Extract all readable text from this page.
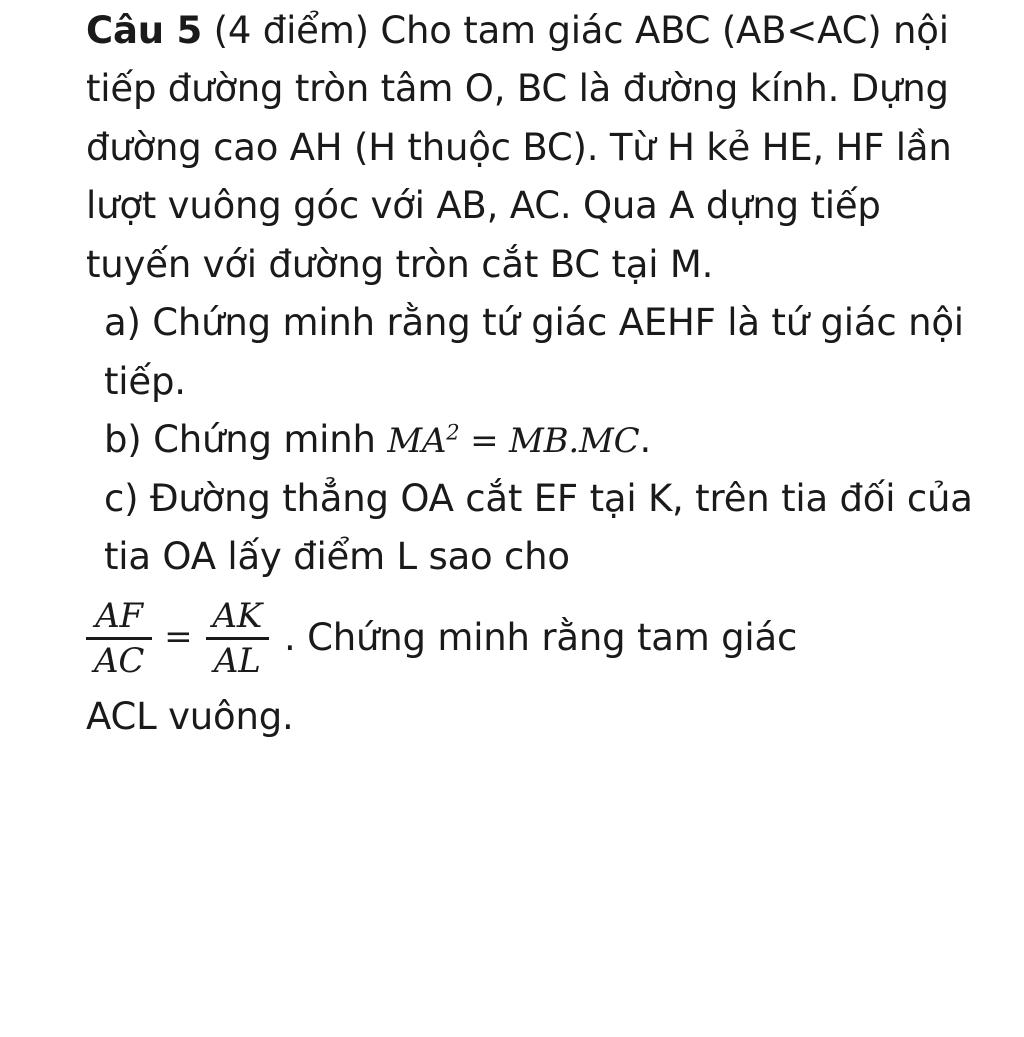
Câu 5 (4 điểm) Cho tam giác ABC (AB<AC) nội tiếp đường tròn tâm O, BC là đường kính. Dựng đường cao AH (H thuộc BC). Từ H kẻ HE, HF lần lượt vuông góc với AB, AC. Qua A dựng tiếp tuyến với đường tròn cắt BC tại M.

a) Chứng minh rằng tứ giác AEHF là tứ giác nội tiếp.

b) Chứng minh $MA^2 = MB.MC$.

c) Đường thẳng OA cắt EF tại K, trên tia đối của tia OA lấy điểm L sao cho

$\frac{AF}{AC} = \frac{AK}{AL}$ . Chứng minh rằng tam giác

ACL vuông.
